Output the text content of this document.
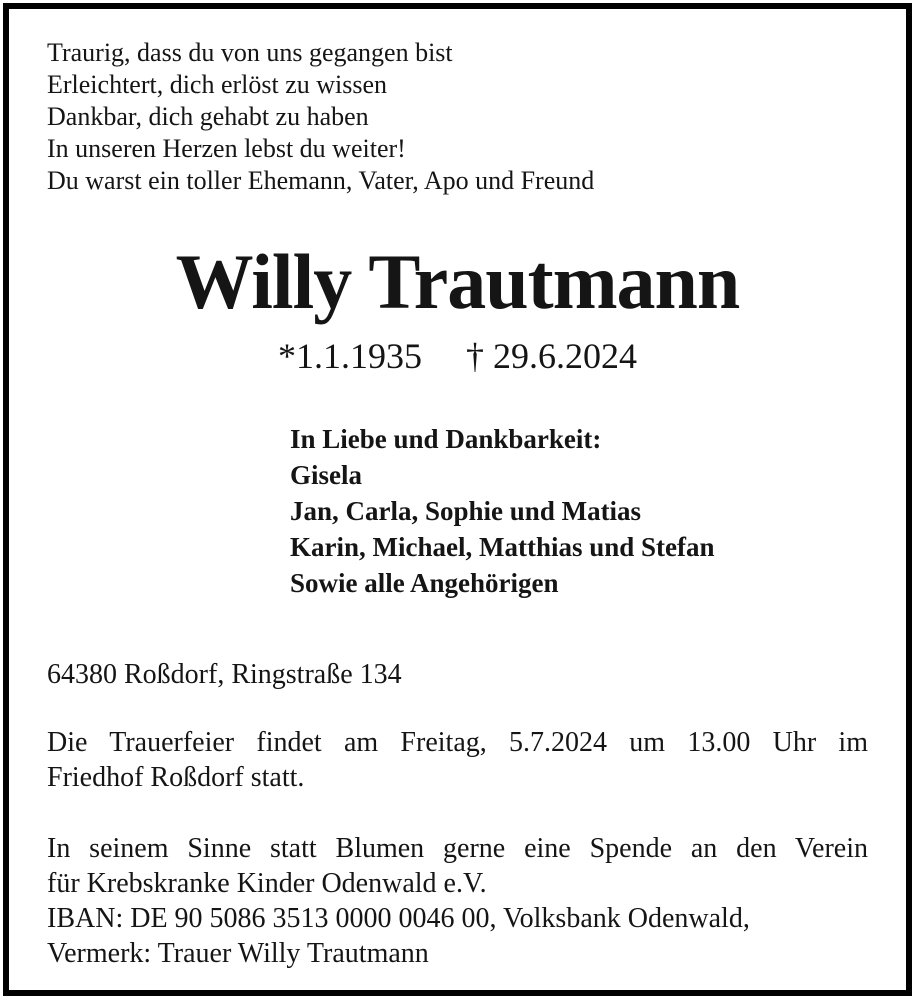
Traurig, dass du von uns gegangen bist
Erleichtert, dich erlöst zu wissen
Dankbar, dich gehabt zu haben
In unseren Herzen lebst du weiter!
Du warst ein toller Ehemann, Vater, Apo und Freund
Willy Trautmann
*1.1.1935 † 29.6.2024
In Liebe und Dankbarkeit:
Gisela
Jan, Carla, Sophie und Matias
Karin, Michael, Matthias und Stefan
Sowie alle Angehörigen
64380 Roßdorf, Ringstraße 134
Die Trauerfeier findet am Freitag, 5.7.2024 um 13.00 Uhr im
Friedhof Roßdorf statt.
In seinem Sinne statt Blumen gerne eine Spende an den Verein
für Krebskranke Kinder Odenwald e.V.
IBAN: DE 90 5086 3513 0000 0046 00, Volksbank Odenwald,
Vermerk: Trauer Willy Trautmann
